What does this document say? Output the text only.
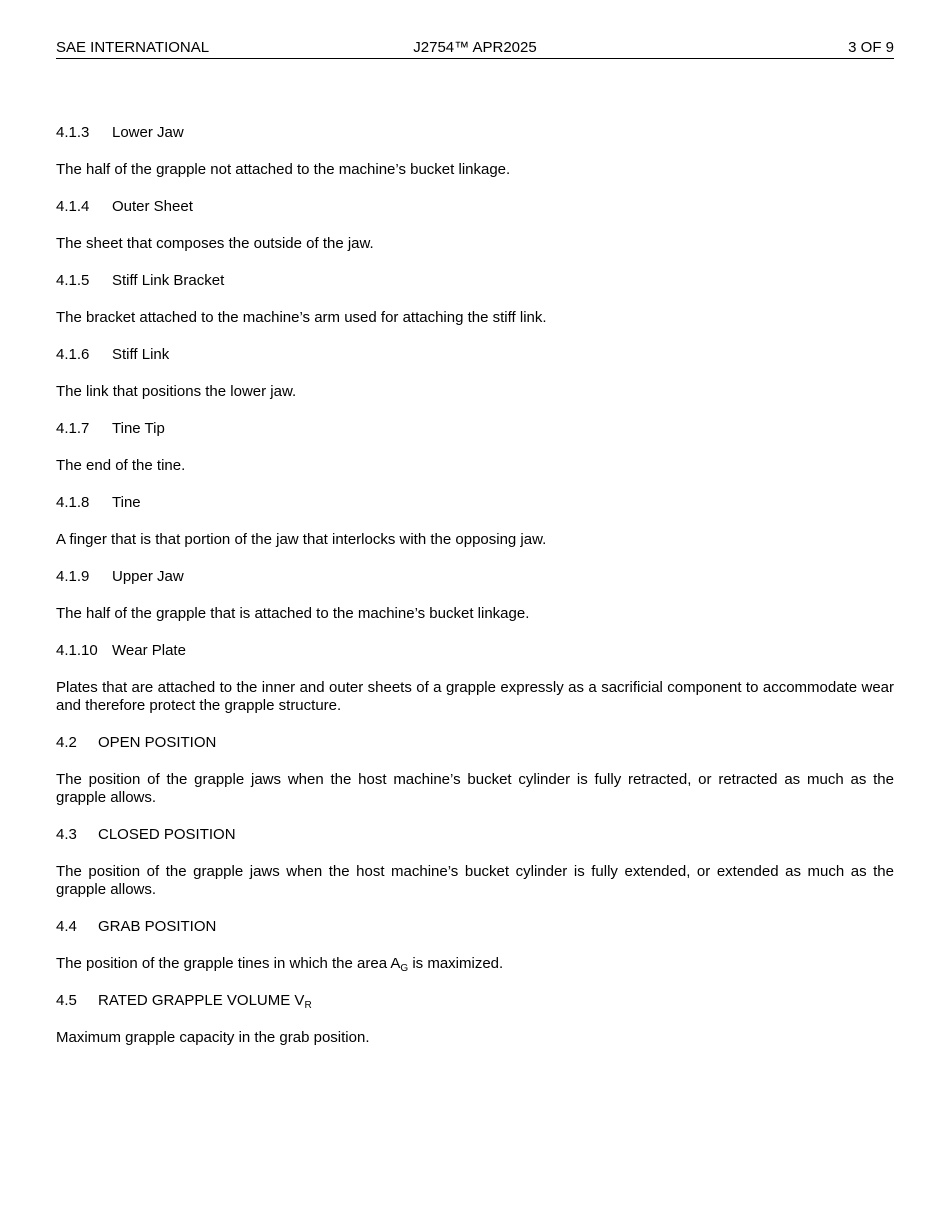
SAE INTERNATIONAL	J2754™ APR2025	3 OF 9
4.1.3 Lower Jaw
The half of the grapple not attached to the machine’s bucket linkage.
4.1.4 Outer Sheet
The sheet that composes the outside of the jaw.
4.1.5 Stiff Link Bracket
The bracket attached to the machine’s arm used for attaching the stiff link.
4.1.6 Stiff Link
The link that positions the lower jaw.
4.1.7 Tine Tip
The end of the tine.
4.1.8 Tine
A finger that is that portion of the jaw that interlocks with the opposing jaw.
4.1.9 Upper Jaw
The half of the grapple that is attached to the machine’s bucket linkage.
4.1.10 Wear Plate
Plates that are attached to the inner and outer sheets of a grapple expressly as a sacrificial component to accommodate wear and therefore protect the grapple structure.
4.2 OPEN POSITION
The position of the grapple jaws when the host machine’s bucket cylinder is fully retracted, or retracted as much as the grapple allows.
4.3 CLOSED POSITION
The position of the grapple jaws when the host machine’s bucket cylinder is fully extended, or extended as much as the grapple allows.
4.4 GRAB POSITION
The position of the grapple tines in which the area $A_G$ is maximized.
4.5 RATED GRAPPLE VOLUME $V_R$
Maximum grapple capacity in the grab position.
